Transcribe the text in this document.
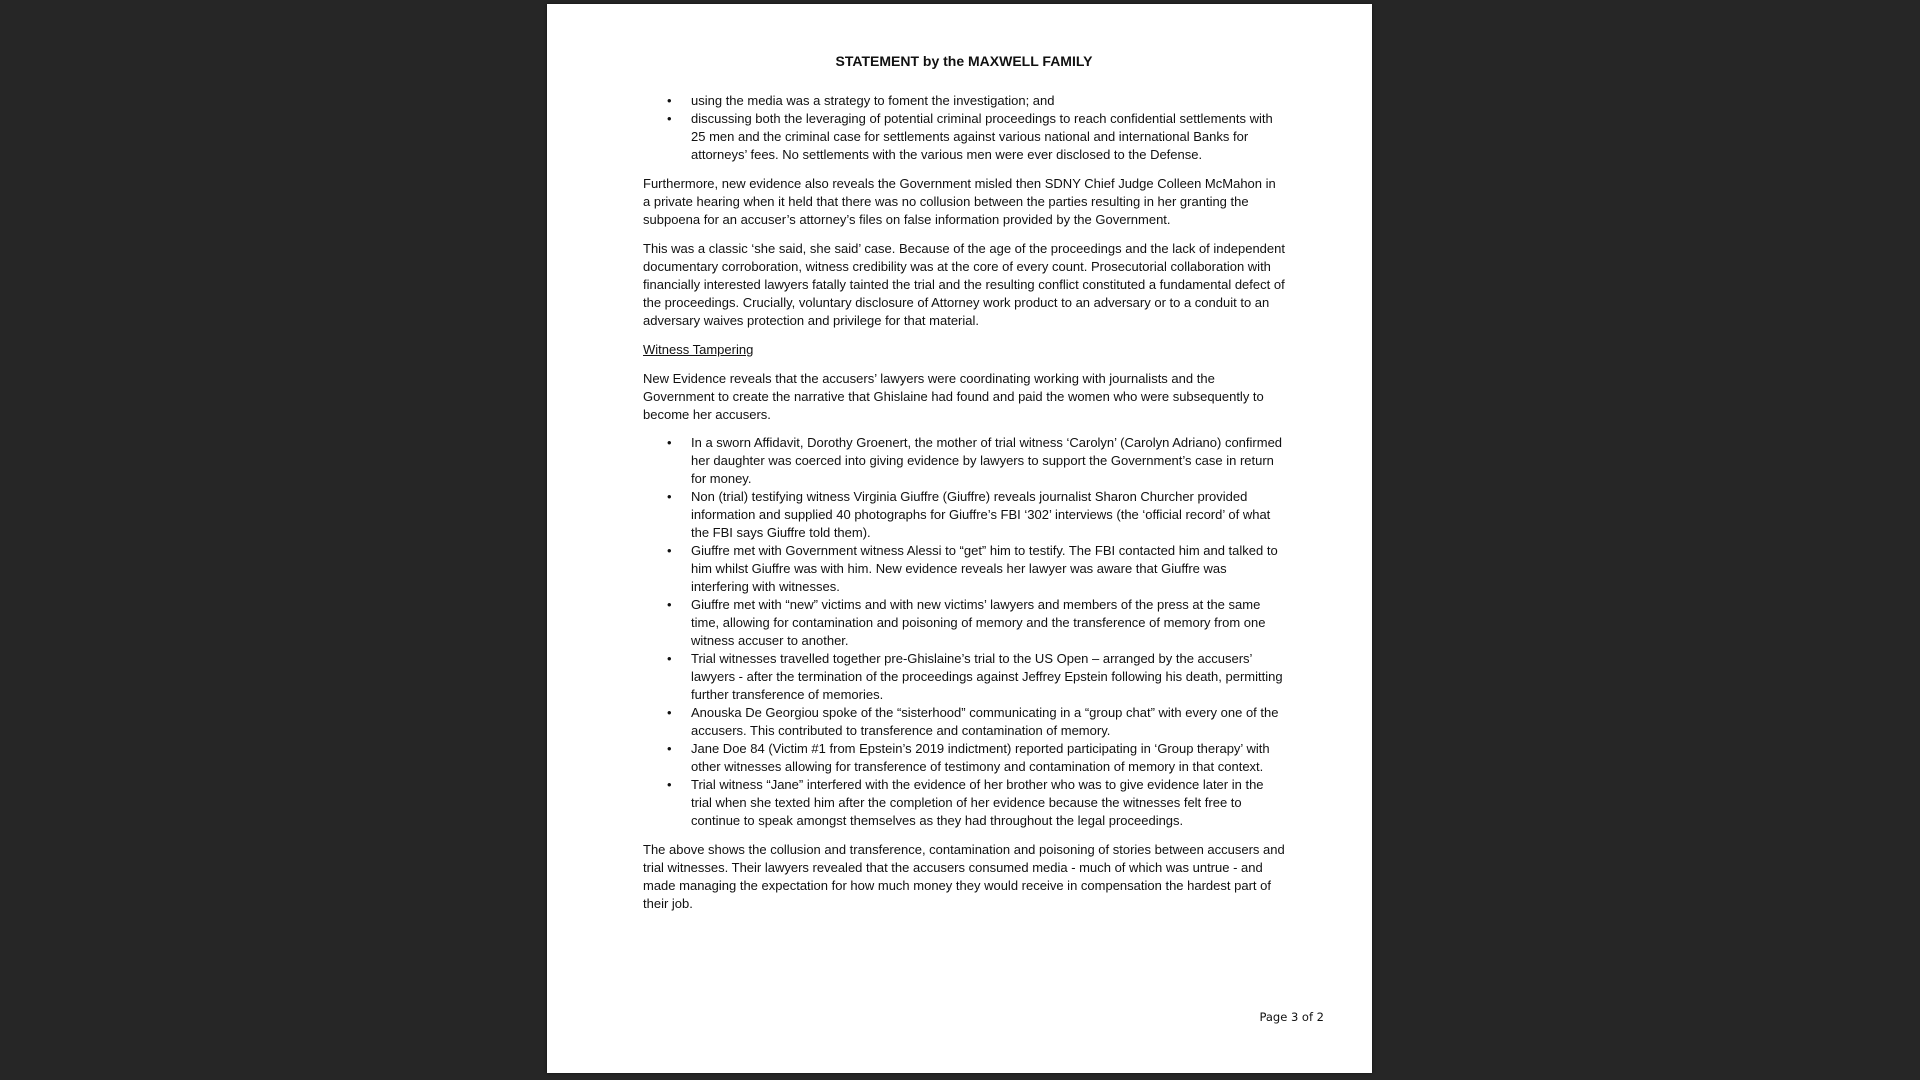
STATEMENT by the MAXWELL FAMILY
• using the media was a strategy to foment the investigation; and
• discussing both the leveraging of potential criminal proceedings to reach confidential settlements with 25 men and the criminal case for settlements against various national and international Banks for attorneys’ fees. No settlements with the various men were ever disclosed to the Defense.

Furthermore, new evidence also reveals the Government misled then SDNY Chief Judge Colleen McMahon in a private hearing when it held that there was no collusion between the parties resulting in her granting the subpoena for an accuser’s attorney’s files on false information provided by the Government.

This was a classic ‘she said, she said’ case. Because of the age of the proceedings and the lack of independent documentary corroboration, witness credibility was at the core of every count. Prosecutorial collaboration with financially interested lawyers fatally tainted the trial and the resulting conflict constituted a fundamental defect of the proceedings. Crucially, voluntary disclosure of Attorney work product to an adversary or to a conduit to an adversary waives protection and privilege for that material.

Witness Tampering

New Evidence reveals that the accusers’ lawyers were coordinating working with journalists and the Government to create the narrative that Ghislaine had found and paid the women who were subsequently to become her accusers.

• In a sworn Affidavit, Dorothy Groenert, the mother of trial witness ‘Carolyn’ (Carolyn Adriano) confirmed her daughter was coerced into giving evidence by lawyers to support the Government’s case in return for money.
• Non (trial) testifying witness Virginia Giuffre (Giuffre) reveals journalist Sharon Churcher provided information and supplied 40 photographs for Giuffre’s FBI ‘302’ interviews (the ‘official record’ of what the FBI says Giuffre told them).
• Giuffre met with Government witness Alessi to “get” him to testify. The FBI contacted him and talked to him whilst Giuffre was with him. New evidence reveals her lawyer was aware that Giuffre was interfering with witnesses.
• Giuffre met with “new” victims and with new victims’ lawyers and members of the press at the same time, allowing for contamination and poisoning of memory and the transference of memory from one witness accuser to another.
• Trial witnesses travelled together pre-Ghislaine’s trial to the US Open – arranged by the accusers’ lawyers - after the termination of the proceedings against Jeffrey Epstein following his death, permitting further transference of memories.
• Anouska De Georgiou spoke of the “sisterhood” communicating in a “group chat” with every one of the accusers. This contributed to transference and contamination of memory.
• Jane Doe 84 (Victim #1 from Epstein’s 2019 indictment) reported participating in ‘Group therapy’ with other witnesses allowing for transference of testimony and contamination of memory in that context.
• Trial witness “Jane” interfered with the evidence of her brother who was to give evidence later in the trial when she texted him after the completion of her evidence because the witnesses felt free to continue to speak amongst themselves as they had throughout the legal proceedings.

The above shows the collusion and transference, contamination and poisoning of stories between accusers and trial witnesses. Their lawyers revealed that the accusers consumed media - much of which was untrue - and made managing the expectation for how much money they would receive in compensation the hardest part of their job.

Page 3 of 2
